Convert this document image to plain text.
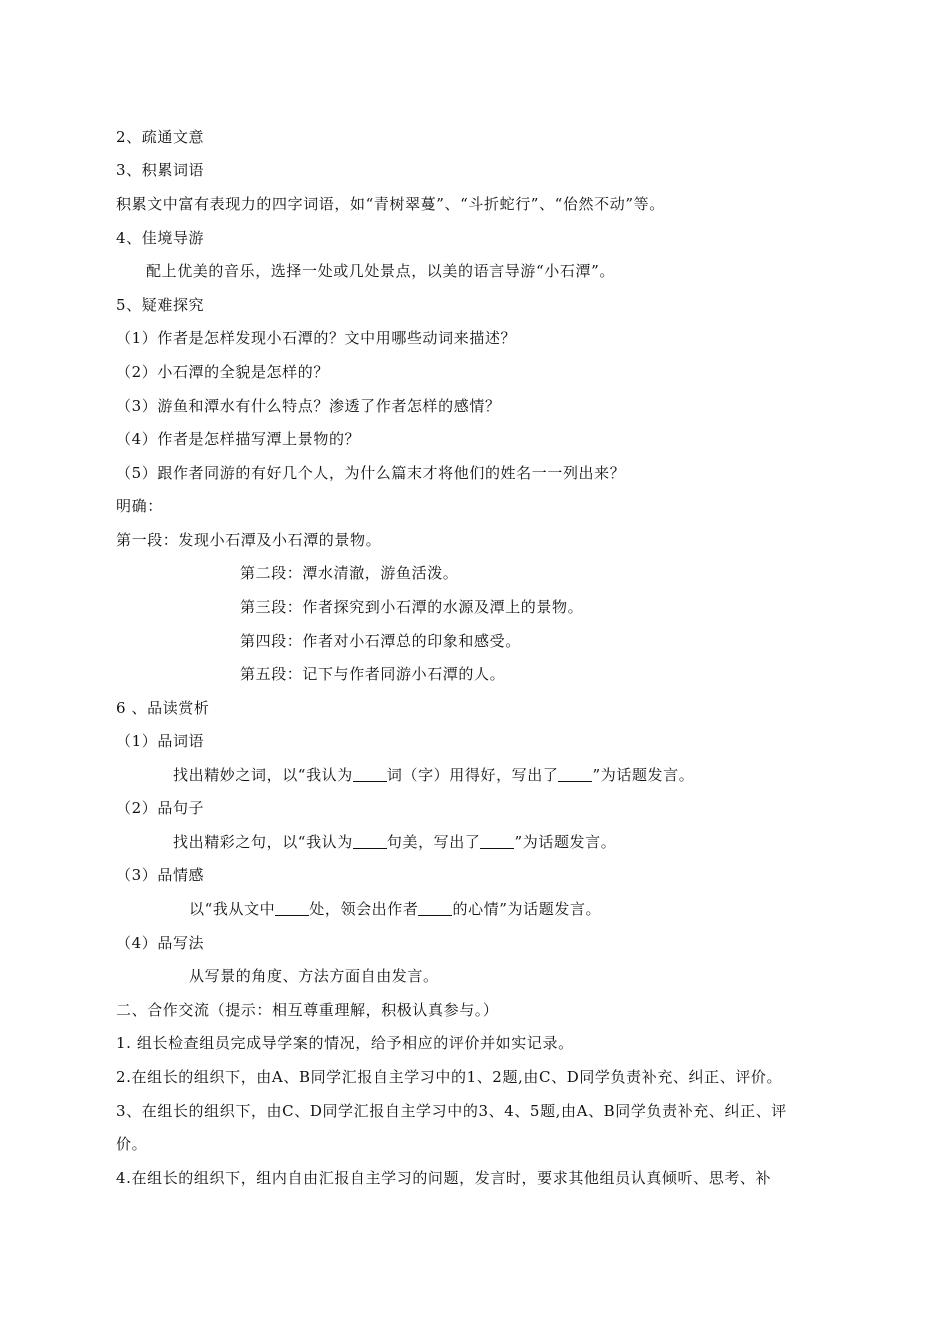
2、疏通文意
3、积累词语
积累文中富有表现力的四字词语，如“青树翠蔓”、“斗折蛇行”、“佁然不动”等。
4、佳境导游
配上优美的音乐，选择一处或几处景点，以美的语言导游“小石潭”。
5、疑难探究
（1）作者是怎样发现小石潭的？文中用哪些动词来描述？
（2）小石潭的全貌是怎样的？
（3）游鱼和潭水有什么特点？渗透了作者怎样的感情？
（4）作者是怎样描写潭上景物的？
（5）跟作者同游的有好几个人，为什么篇末才将他们的姓名一一列出来？
明确：
第一段：发现小石潭及小石潭的景物。
第二段：潭水清澈，游鱼活泼。
第三段：作者探究到小石潭的水源及潭上的景物。
第四段：作者对小石潭总的印象和感受。
第五段：记下与作者同游小石潭的人。
6 、品读赏析
（1）品词语
找出精妙之词，以“我认为 词（字）用得好，写出了 ”为话题发言。
（2）品句子
找出精彩之句，以“我认为 句美，写出了 ”为话题发言。
（3）品情感
以“我从文中 处，领会出作者 的心情”为话题发言。
（4）品写法
从写景的角度、方法方面自由发言。
二、合作交流（提示：相互尊重理解，积极认真参与。）
1. 组长检查组员完成导学案的情况，给予相应的评价并如实记录。
2.在组长的组织下，由A、B同学汇报自主学习中的1、2题,由C、D同学负责补充、纠正、评价。
3、在组长的组织下，由C、D同学汇报自主学习中的3、4、5题,由A、B同学负责补充、纠正、评
价。
4.在组长的组织下，组内自由汇报自主学习的问题，发言时，要求其他组员认真倾听、思考、补
